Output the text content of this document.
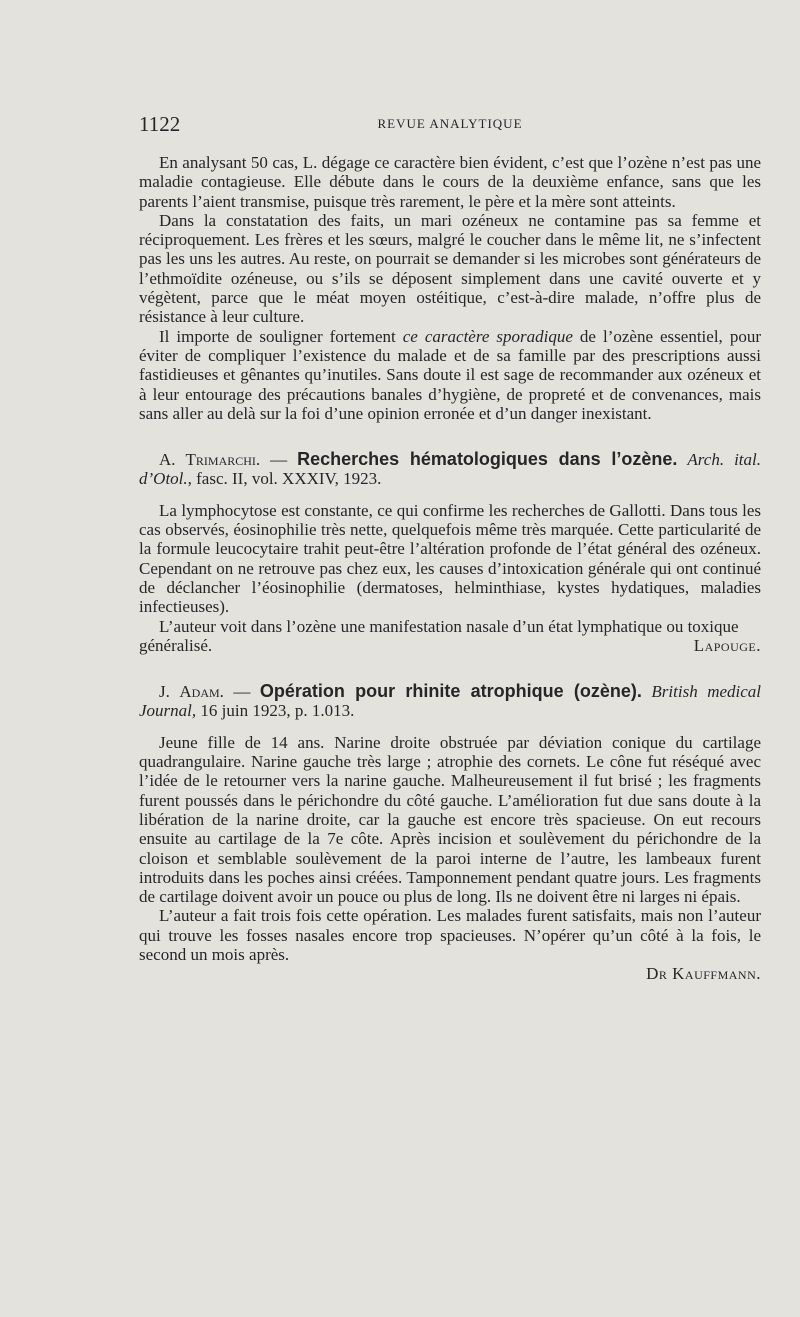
1122	REVUE ANALYTIQUE

En analysant 50 cas, L. dégage ce caractère bien évident, c’est que l’ozène n’est pas une maladie contagieuse. Elle débute dans le cours de la deuxième enfance, sans que les parents l’aient transmise, puisque très rarement, le père et la mère sont atteints.

Dans la constatation des faits, un mari ozéneux ne contamine pas sa femme et réciproquement. Les frères et les sœurs, malgré le coucher dans le même lit, ne s’infectent pas les uns les autres. Au reste, on pourrait se demander si les microbes sont générateurs de l’ethmoïdite ozéneuse, ou s’ils se déposent simplement dans une cavité ouverte et y végètent, parce que le méat moyen ostéitique, c’est-à-dire malade, n’offre plus de résistance à leur culture.

Il importe de souligner fortement ce caractère sporadique de l’ozène essentiel, pour éviter de compliquer l’existence du malade et de sa famille par des prescriptions aussi fastidieuses et gênantes qu’inutiles. Sans doute il est sage de recommander aux ozéneux et à leur entourage des précautions banales d’hygiène, de propreté et de convenances, mais sans aller au delà sur la foi d’une opinion erronée et d’un danger inexistant.

A. Trimarchi. — Recherches hématologiques dans l’ozène. Arch. ital. d’Otol., fasc. II, vol. XXXIV, 1923.

La lymphocytose est constante, ce qui confirme les recherches de Gallotti. Dans tous les cas observés, éosinophilie très nette, quelquefois même très marquée. Cette particularité de la formule leucocytaire trahit peut-être l’altération profonde de l’état général des ozéneux. Cependant on ne retrouve pas chez eux, les causes d’intoxication générale qui ont continué de déclancher l’éosinophilie (dermatoses, helminthiase, kystes hydatiques, maladies infectieuses).

L’auteur voit dans l’ozène une manifestation nasale d’un état lymphatique ou toxique généralisé.	Lapouge.

J. Adam. — Opération pour rhinite atrophique (ozène). British medical Journal, 16 juin 1923, p. 1.013.

Jeune fille de 14 ans. Narine droite obstruée par déviation conique du cartilage quadrangulaire. Narine gauche très large ; atrophie des cornets. Le cône fut réséqué avec l’idée de le retourner vers la narine gauche. Malheureusement il fut brisé ; les fragments furent poussés dans le périchondre du côté gauche. L’amélioration fut due sans doute à la libération de la narine droite, car la gauche est encore très spacieuse. On eut recours ensuite au cartilage de la 7e côte. Après incision et soulèvement du périchondre de la cloison et semblable soulèvement de la paroi interne de l’autre, les lambeaux furent introduits dans les poches ainsi créées. Tamponnement pendant quatre jours. Les fragments de cartilage doivent avoir un pouce ou plus de long. Ils ne doivent être ni larges ni épais.

L’auteur a fait trois fois cette opération. Les malades furent satisfaits, mais non l’auteur qui trouve les fosses nasales encore trop spacieuses. N’opérer qu’un côté à la fois, le second un mois après.

Dr Kauffmann.
